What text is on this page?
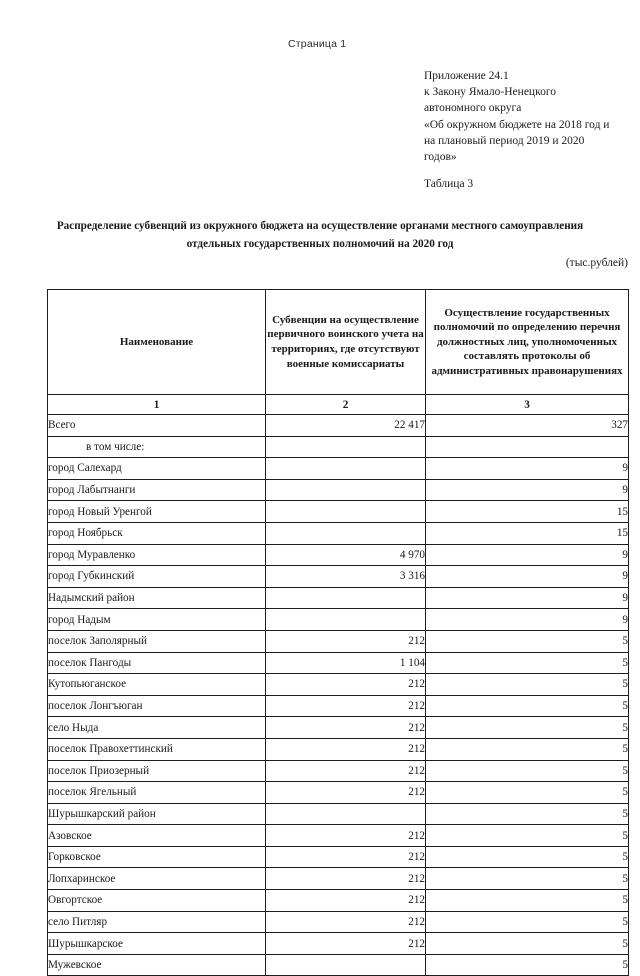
Страница 1
Приложение 24.1
к Закону Ямало-Ненецкого
автономного округа
«Об окружном бюджете на 2018 год и
на плановый период 2019 и 2020
годов»
Таблица 3
Распределение субвенций из окружного бюджета на осуществление органами местного самоуправления отдельных государственных полномочий на 2020 год
(тыс.рублей)
Наименование	Субвенции на осуществление первичного воинского учета на территориях, где отсутствуют военные комиссариаты	Осуществление государственных полномочий по определению перечня должностных лиц, уполномоченных составлять протоколы об административных правонарушениях
1	2	3
Всего	22 417	327
в том числе:		
город Салехард		9
город Лабытнанги		9
город Новый Уренгой		15
город Ноябрьск		15
город Муравленко	4 970	9
город Губкинский	3 316	9
Надымский район		9
город Надым		9
поселок Заполярный	212	5
поселок Пангоды	1 104	5
Кутопьюганское	212	5
поселок Лонгъюган	212	5
село Ныда	212	5
поселок Правохеттинский	212	5
поселок Приозерный	212	5
поселок Ягельный	212	5
Шурышкарский район		5
Азовское	212	5
Горковское	212	5
Лопхаринское	212	5
Овгортское	212	5
село Питляр	212	5
Шурышкарское	212	5
Мужевское		5
